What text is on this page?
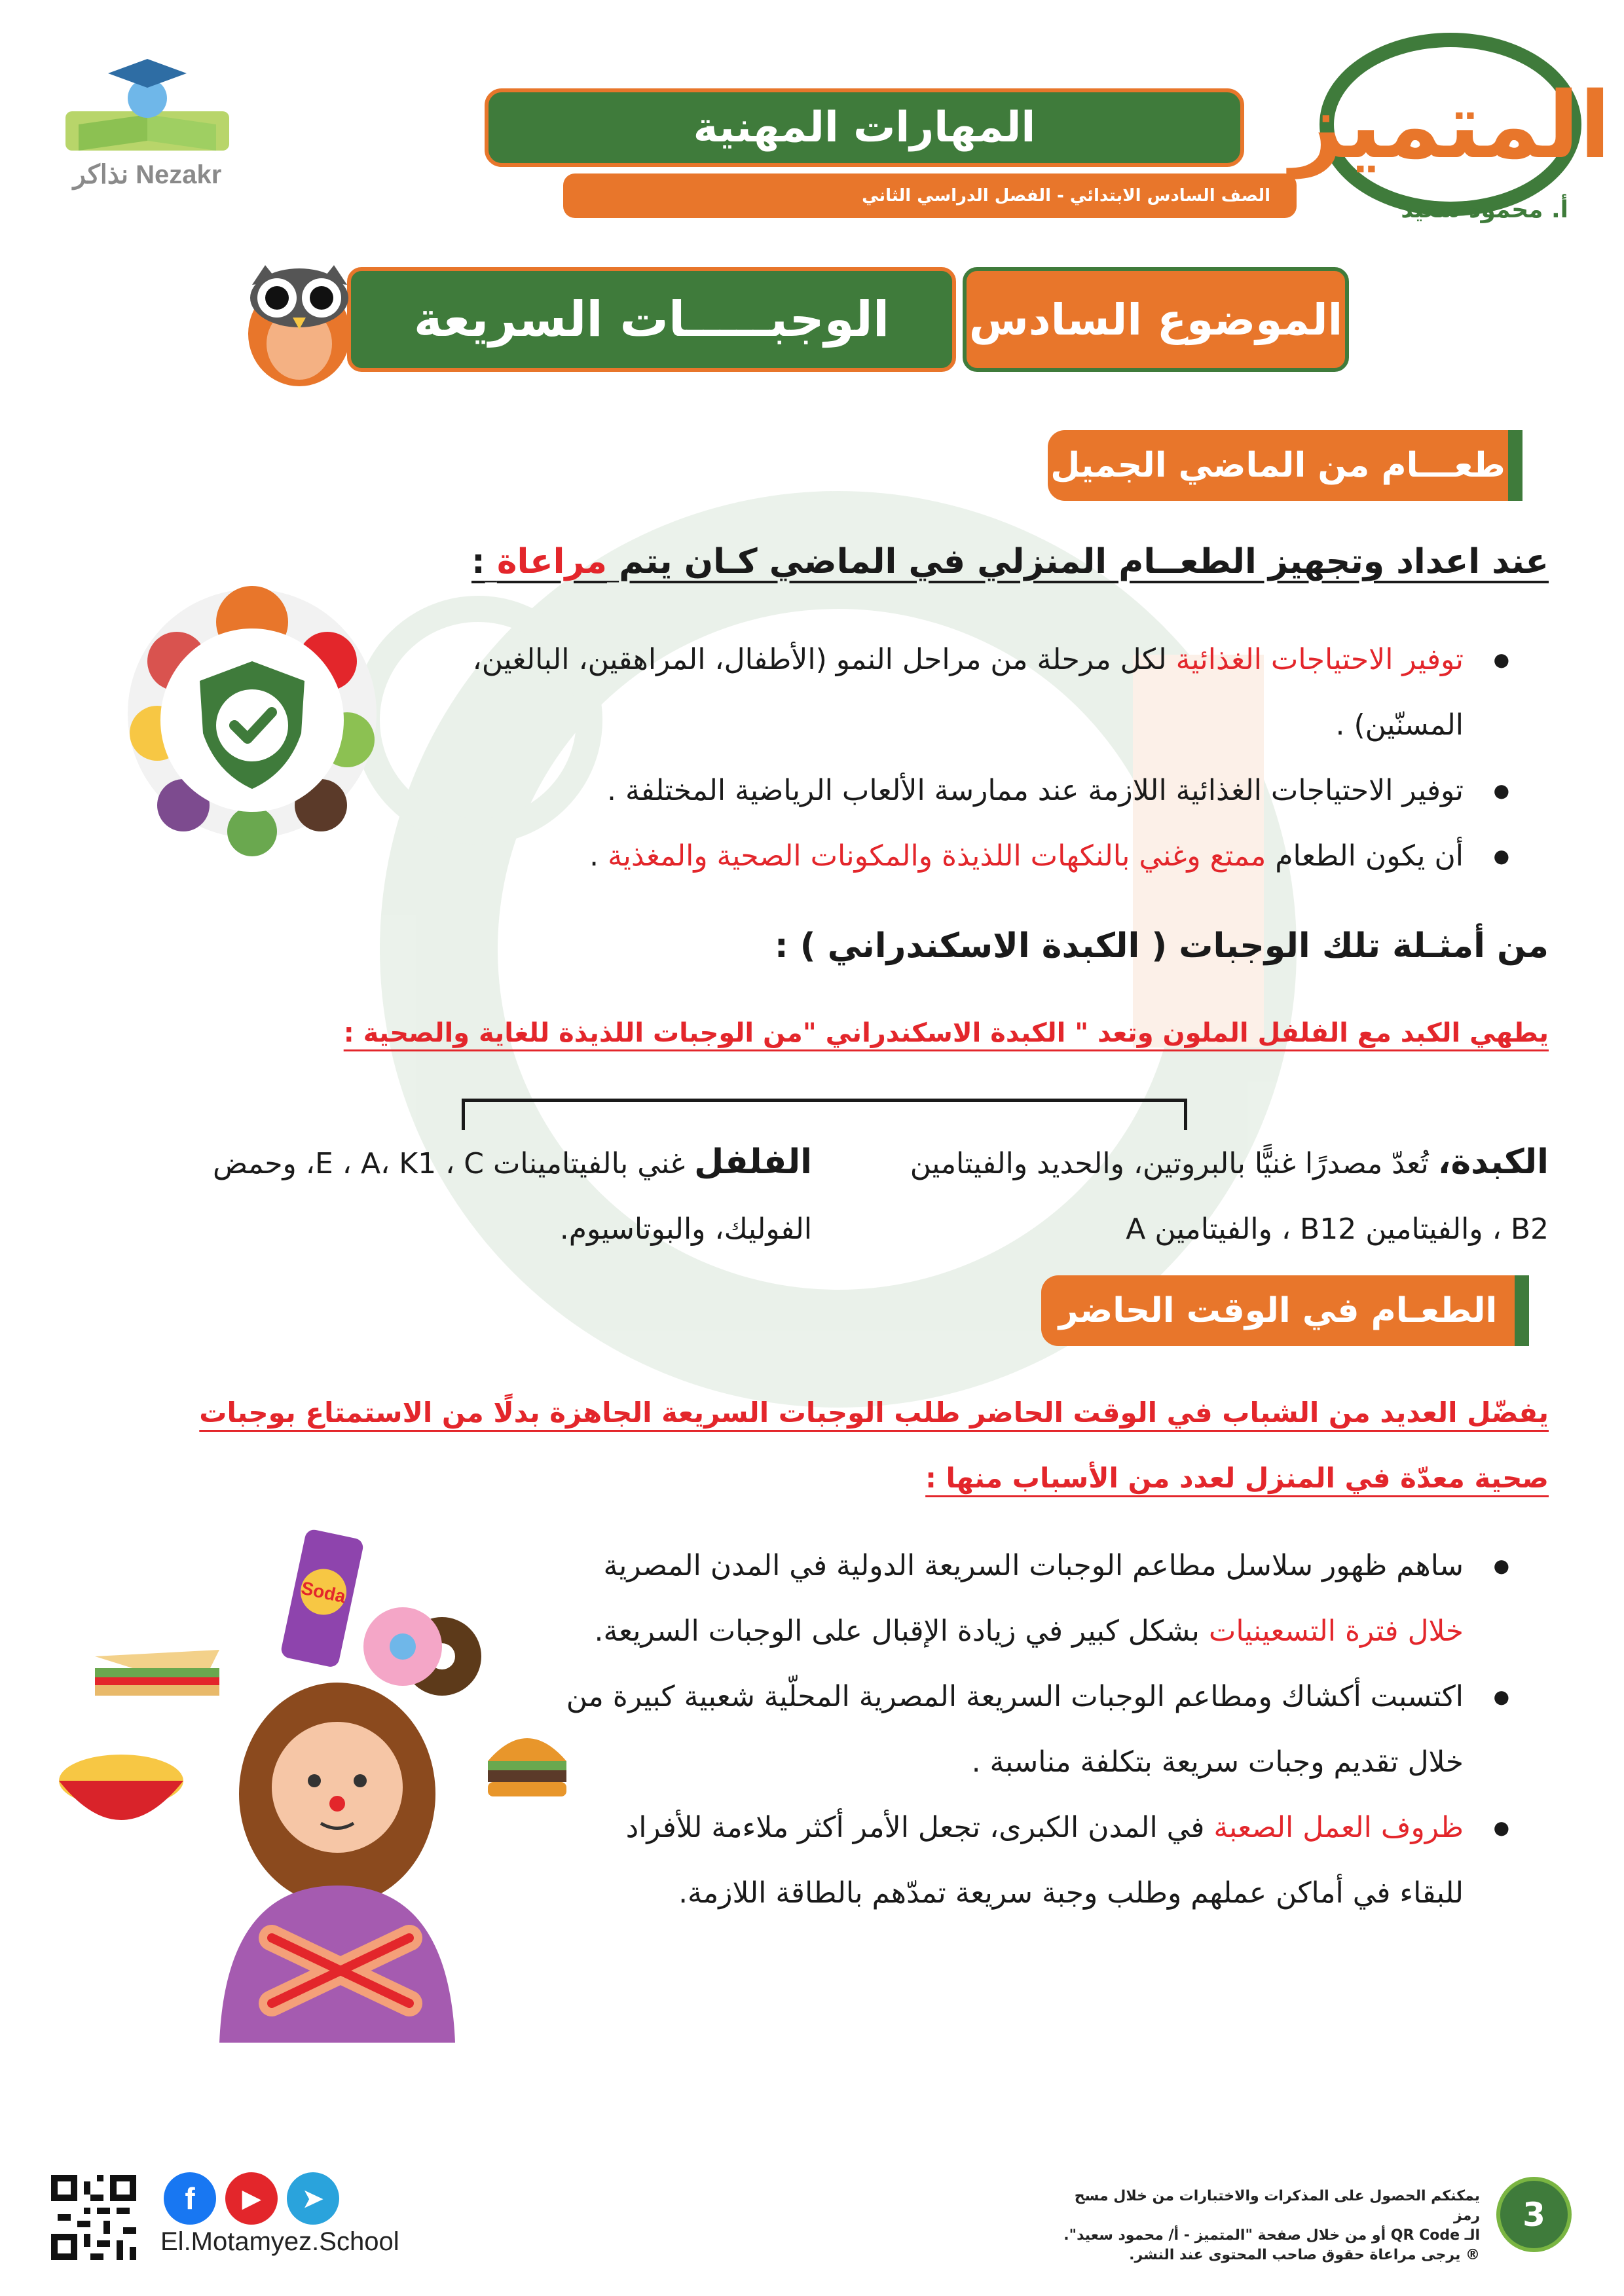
Nezakr نذاكر
المهارات المهنية
الصف السادس الابتدائي - الفصل الدراسي الثاني
المتميز
أ. محمود سعيد
الموضوع السادس
الوجبـــــات السريعة
طعـــام من الماضي الجميل
عند اعداد وتجهيز الطعــام المنزلي في الماضي كـان يتم مراعاة :
● توفير الاحتياجات الغذائية لكل مرحلة من مراحل النمو (الأطفال، المراهقين، البالغين، المسنّين) .
● توفير الاحتياجات الغذائية اللازمة عند ممارسة الألعاب الرياضية المختلفة .
● أن يكون الطعام ممتع وغني بالنكهات اللذيذة والمكونات الصحية والمغذية .
من أمثـلة تلك الوجبات ( الكبدة الاسكندراني ) :
يطهي الكبد مع الفلفل الملون وتعد " الكبدة الاسكندراني "من الوجبات اللذيذة للغاية والصحية :
الكبدة، تُعدّ مصدرًا غنيًّا بالبروتين، والحديد والفيتامين B2 ، والفيتامين B12 ، والفيتامين A
الفلفل غني بالفيتامينات E ، A، K1 ، C، وحمض الفوليك، والبوتاسيوم.
الطعـام في الوقت الحاضر
يفضّل العديد من الشباب في الوقت الحاضر طلب الوجبات السريعة الجاهزة بدلًا من الاستمتاع بوجبات صحية معدّة في المنزل لعدد من الأسباب منها :
● ساهم ظهور سلاسل مطاعم الوجبات السريعة الدولية في المدن المصرية خلال فترة التسعينيات بشكل كبير في زيادة الإقبال على الوجبات السريعة.
● اكتسبت أكشاك ومطاعم الوجبات السريعة المصرية المحلّية شعبية كبيرة من خلال تقديم وجبات سريعة بتكلفة مناسبة .
● ظروف العمل الصعبة في المدن الكبرى، تجعل الأمر أكثر ملاءمة للأفراد للبقاء في أماكن عملهم وطلب وجبة سريعة تمدّهم بالطاقة اللازمة.
Soda
3
يمكنكم الحصول على المذكرات والاختبارات من خلال مسح رمز
الـ QR Code أو من خلال صفحة "المتميز - أ/ محمود سعيد".
® يرجى مراعاة حقوق صاحب المحتوى عند النشر.
f	▶	➤
El.Motamyez.School
